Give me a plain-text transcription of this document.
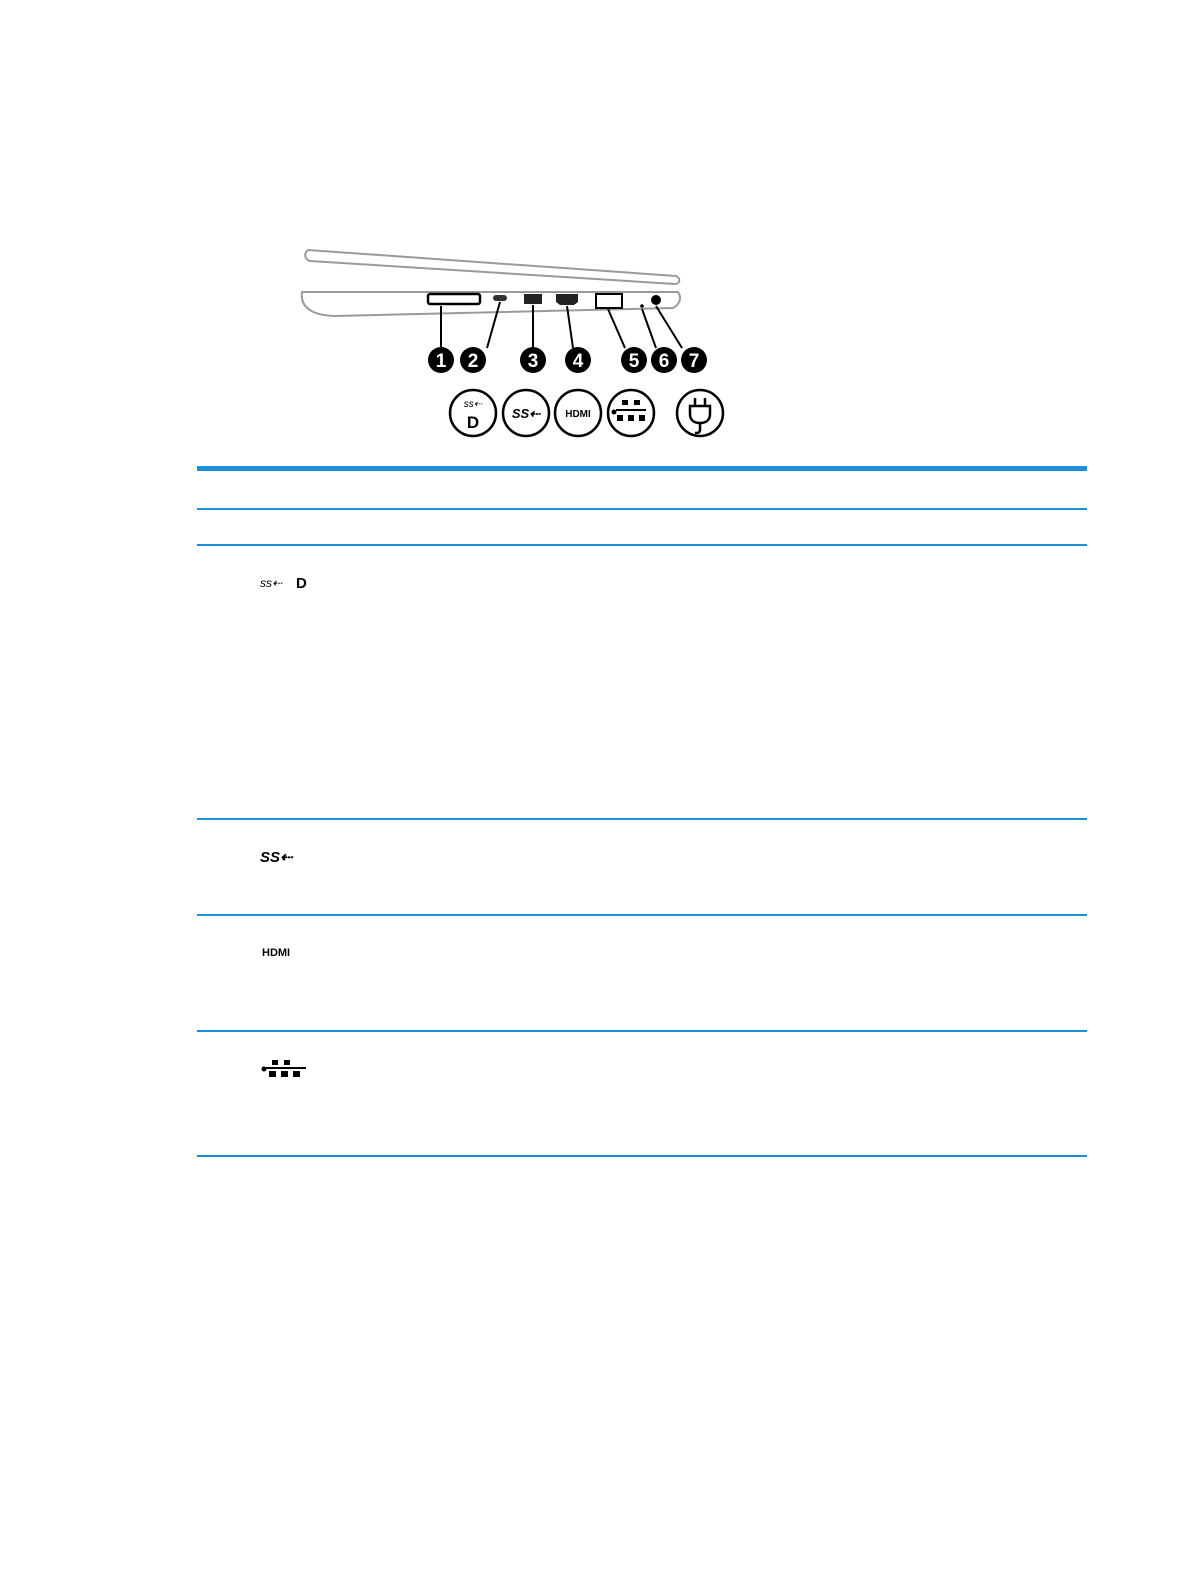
1 2	3 4 5 6 7
ss⇠
D	SS⇠	HDMI
ss⇠ D
SS⇠
HDMI
